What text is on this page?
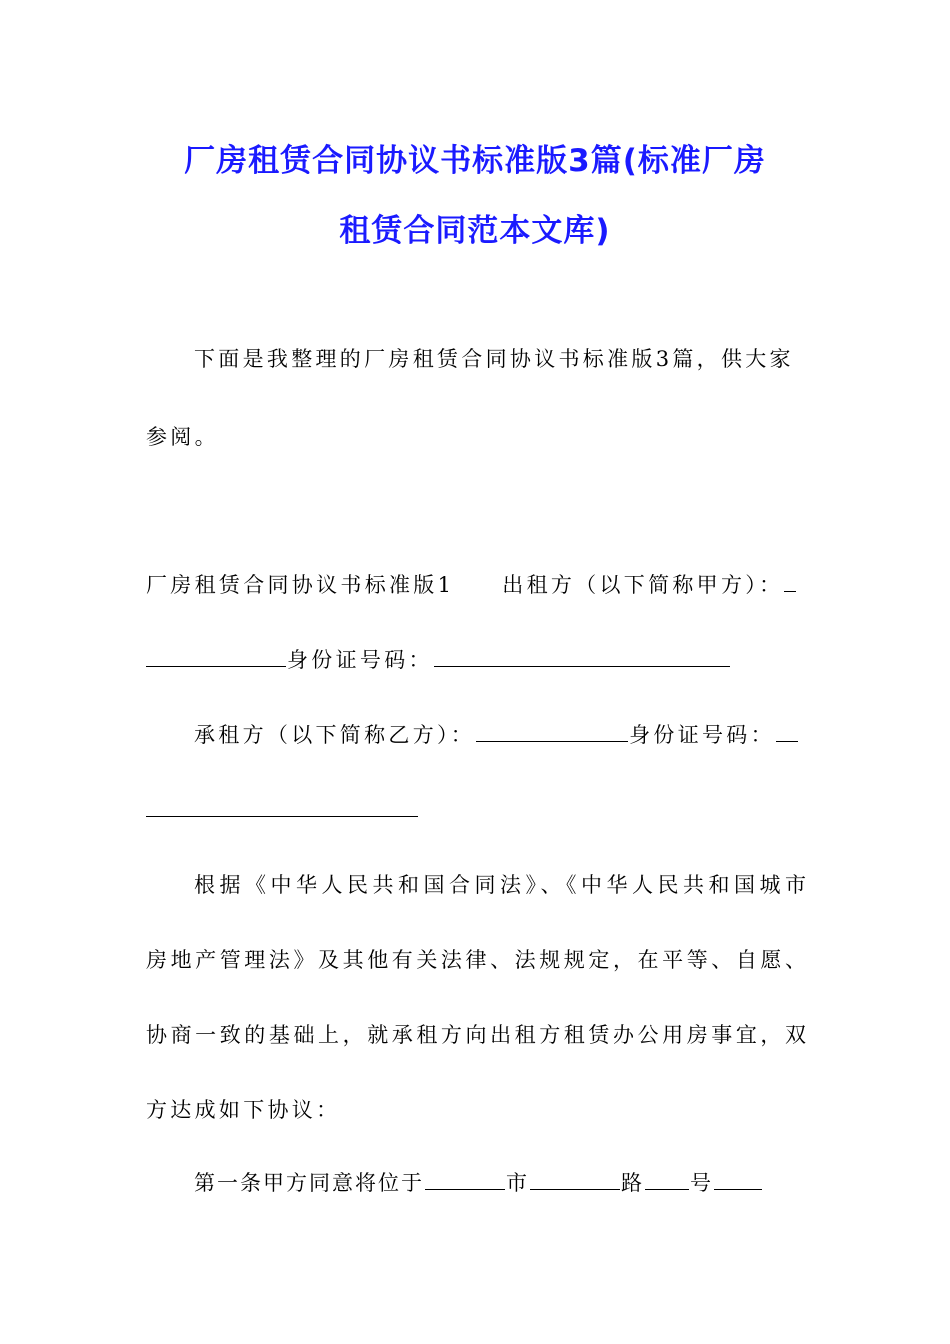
厂房租赁合同协议书标准版3篇(标准厂房
租赁合同范本文库)
下面是我整理的厂房租赁合同协议书标准版3篇，供大家
参阅。
厂房租赁合同协议书标准版1 出租方（以下简称甲方）：
身份证号码：
承租方（以下简称乙方）：	身份证号码：
根据《中华人民共和国合同法》、《中华人民共和国城市
房地产管理法》及其他有关法律、法规规定，在平等、自愿、
协商一致的基础上，就承租方向出租方租赁办公用房事宜，双
方达成如下协议：
第一条甲方同意将位于	市	路 号
